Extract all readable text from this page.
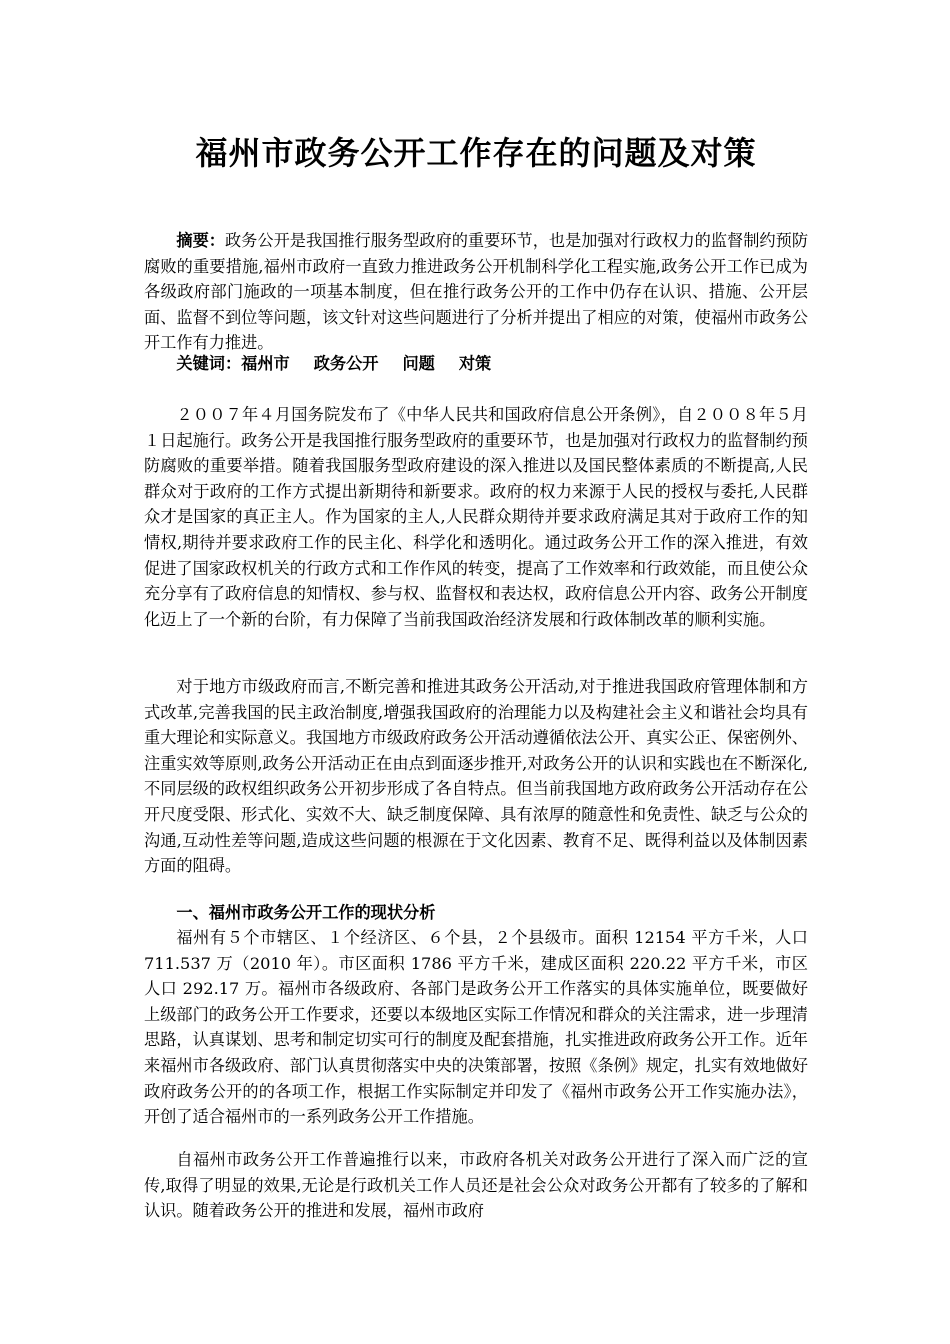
福州市政务公开工作存在的问题及对策
摘要：政务公开是我国推行服务型政府的重要环节，也是加强对行政权力的监督制约预防腐败的重要措施,福州市政府一直致力推进政务公开机制科学化工程实施,政务公开工作已成为各级政府部门施政的一项基本制度，但在推行政务公开的工作中仍存在认识、措施、公开层面、监督不到位等问题，该文针对这些问题进行了分析并提出了相应的对策，使福州市政务公开工作有力推进。
关键词：福州市 政务公开 问题 对策

２００７年４月国务院发布了《中华人民共和国政府信息公开条例》，自２００８年５月１日起施行。政务公开是我国推行服务型政府的重要环节，也是加强对行政权力的监督制约预防腐败的重要举措。随着我国服务型政府建设的深入推进以及国民整体素质的不断提高,人民群众对于政府的工作方式提出新期待和新要求。政府的权力来源于人民的授权与委托,人民群众才是国家的真正主人。作为国家的主人,人民群众期待并要求政府满足其对于政府工作的知情权,期待并要求政府工作的民主化、科学化和透明化。通过政务公开工作的深入推进，有效促进了国家政权机关的行政方式和工作作风的转变，提高了工作效率和行政效能，而且使公众充分享有了政府信息的知情权、参与权、监督权和表达权，政府信息公开内容、政务公开制度化迈上了一个新的台阶，有力保障了当前我国政治经济发展和行政体制改革的顺利实施。

对于地方市级政府而言,不断完善和推进其政务公开活动,对于推进我国政府管理体制和方式改革,完善我国的民主政治制度,增强我国政府的治理能力以及构建社会主义和谐社会均具有重大理论和实际意义。我国地方市级政府政务公开活动遵循依法公开、真实公正、保密例外、注重实效等原则,政务公开活动正在由点到面逐步推开,对政务公开的认识和实践也在不断深化,不同层级的政权组织政务公开初步形成了各自特点。但当前我国地方政府政务公开活动存在公开尺度受限、形式化、实效不大、缺乏制度保障、具有浓厚的随意性和免责性、缺乏与公众的沟通,互动性差等问题,造成这些问题的根源在于文化因素、教育不足、既得利益以及体制因素方面的阻碍。

一、福州市政务公开工作的现状分析

福州有５个市辖区、１个经济区、６个县，２个县级市。面积 12154 平方千米，人口 711.537 万（2010 年）。市区面积 1786 平方千米，建成区面积 220.22 平方千米，市区人口 292.17 万。福州市各级政府、各部门是政务公开工作落实的具体实施单位，既要做好上级部门的政务公开工作要求，还要以本级地区实际工作情况和群众的关注需求，进一步理清思路，认真谋划、思考和制定切实可行的制度及配套措施，扎实推进政府政务公开工作。近年来福州市各级政府、部门认真贯彻落实中央的决策部署，按照《条例》规定，扎实有效地做好政府政务公开的的各项工作，根据工作实际制定并印发了《福州市政务公开工作实施办法》，开创了适合福州市的一系列政务公开工作措施。

自福州市政务公开工作普遍推行以来，市政府各机关对政务公开进行了深入而广泛的宣传,取得了明显的效果,无论是行政机关工作人员还是社会公众对政务公开都有了较多的了解和认识。随着政务公开的推进和发展，福州市政府
